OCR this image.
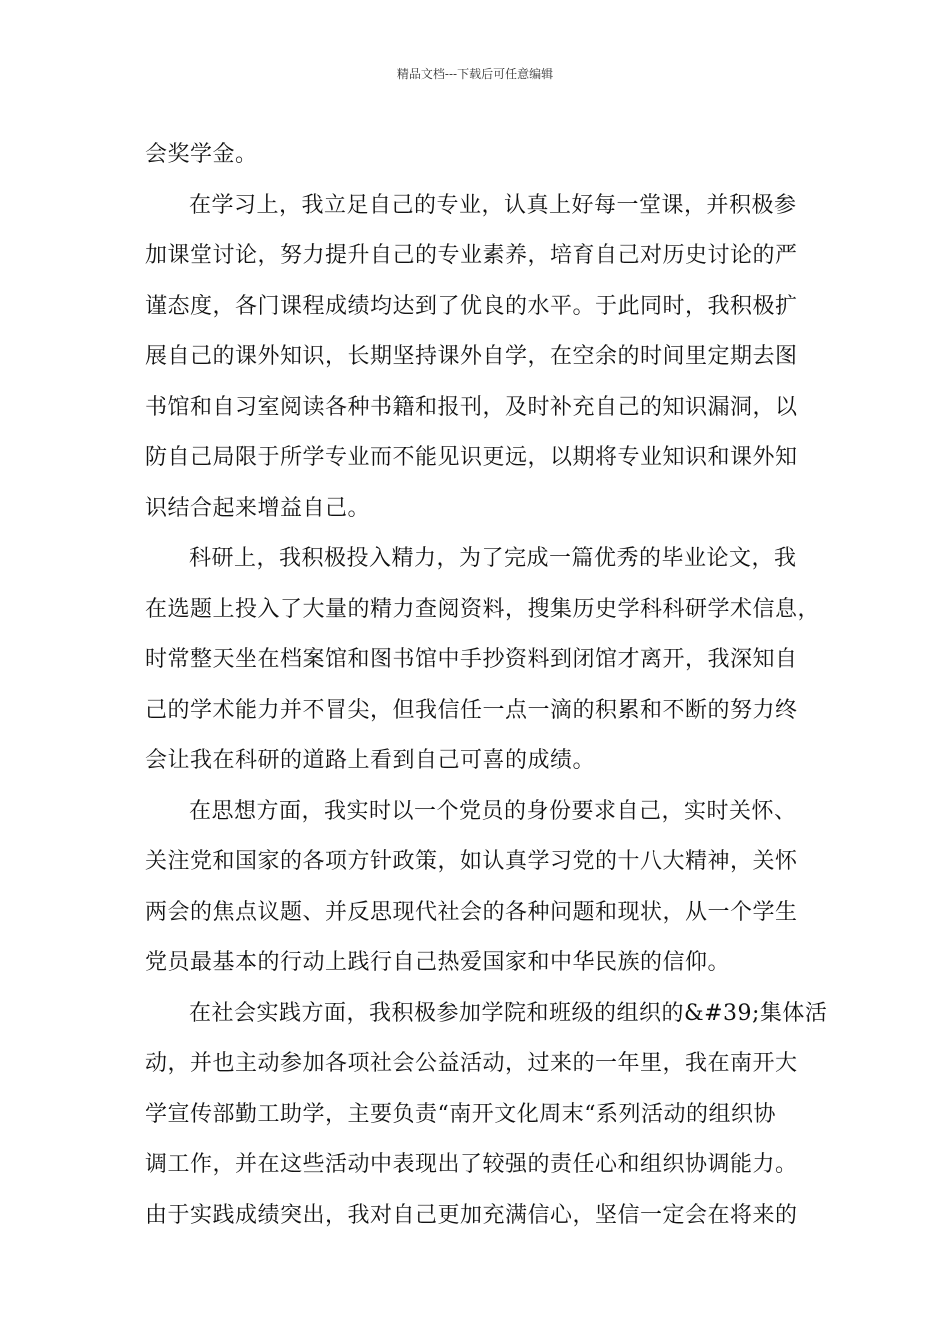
精品文档---下载后可任意编辑
会奖学金。
在学习上，我立足自己的专业，认真上好每一堂课，并积极参
加课堂讨论，努力提升自己的专业素养，培育自己对历史讨论的严
谨态度，各门课程成绩均达到了优良的水平。于此同时，我积极扩
展自己的课外知识，长期坚持课外自学，在空余的时间里定期去图
书馆和自习室阅读各种书籍和报刊，及时补充自己的知识漏洞，以
防自己局限于所学专业而不能见识更远，以期将专业知识和课外知
识结合起来增益自己。
科研上，我积极投入精力，为了完成一篇优秀的毕业论文，我
在选题上投入了大量的精力查阅资料，搜集历史学科科研学术信息，
时常整天坐在档案馆和图书馆中手抄资料到闭馆才离开，我深知自
己的学术能力并不冒尖，但我信任一点一滴的积累和不断的努力终
会让我在科研的道路上看到自己可喜的成绩。
在思想方面，我实时以一个党员的身份要求自己，实时关怀、
关注党和国家的各项方针政策，如认真学习党的十八大精神，关怀
两会的焦点议题、并反思现代社会的各种问题和现状，从一个学生
党员最基本的行动上践行自己热爱国家和中华民族的信仰。
在社会实践方面，我积极参加学院和班级的组织的&#39;集体活
动，并也主动参加各项社会公益活动，过来的一年里，我在南开大
学宣传部勤工助学，主要负责“南开文化周末“系列活动的组织协
调工作，并在这些活动中表现出了较强的责任心和组织协调能力。
由于实践成绩突出，我对自己更加充满信心，坚信一定会在将来的
